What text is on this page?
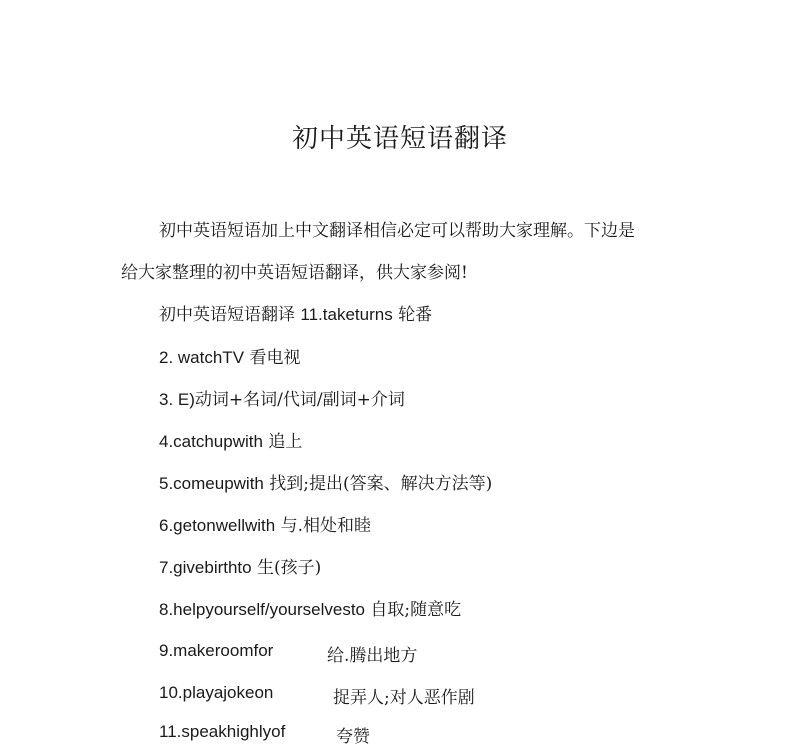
初中英语短语翻译
初中英语短语加上中文翻译相信必定可以帮助大家理解。下边是
给大家整理的初中英语短语翻译，供大家参阅!
初中英语短语翻译 11.taketurns 轮番
2. watchTV 看电视
3. E)动词+名词/代词/副词+介词
4.catchupwith 追上
5.comeupwith 找到;提出(答案、解决方法等)
6.getonwellwith 与.相处和睦
7.givebirthto 生(孩子)
8.helpyourself/yourselvesto 自取;随意吃
9.makeroomfor	给.腾出地方
10.playajokeon	捉弄人;对人恶作剧
11.speakhighlyof	夸赞
